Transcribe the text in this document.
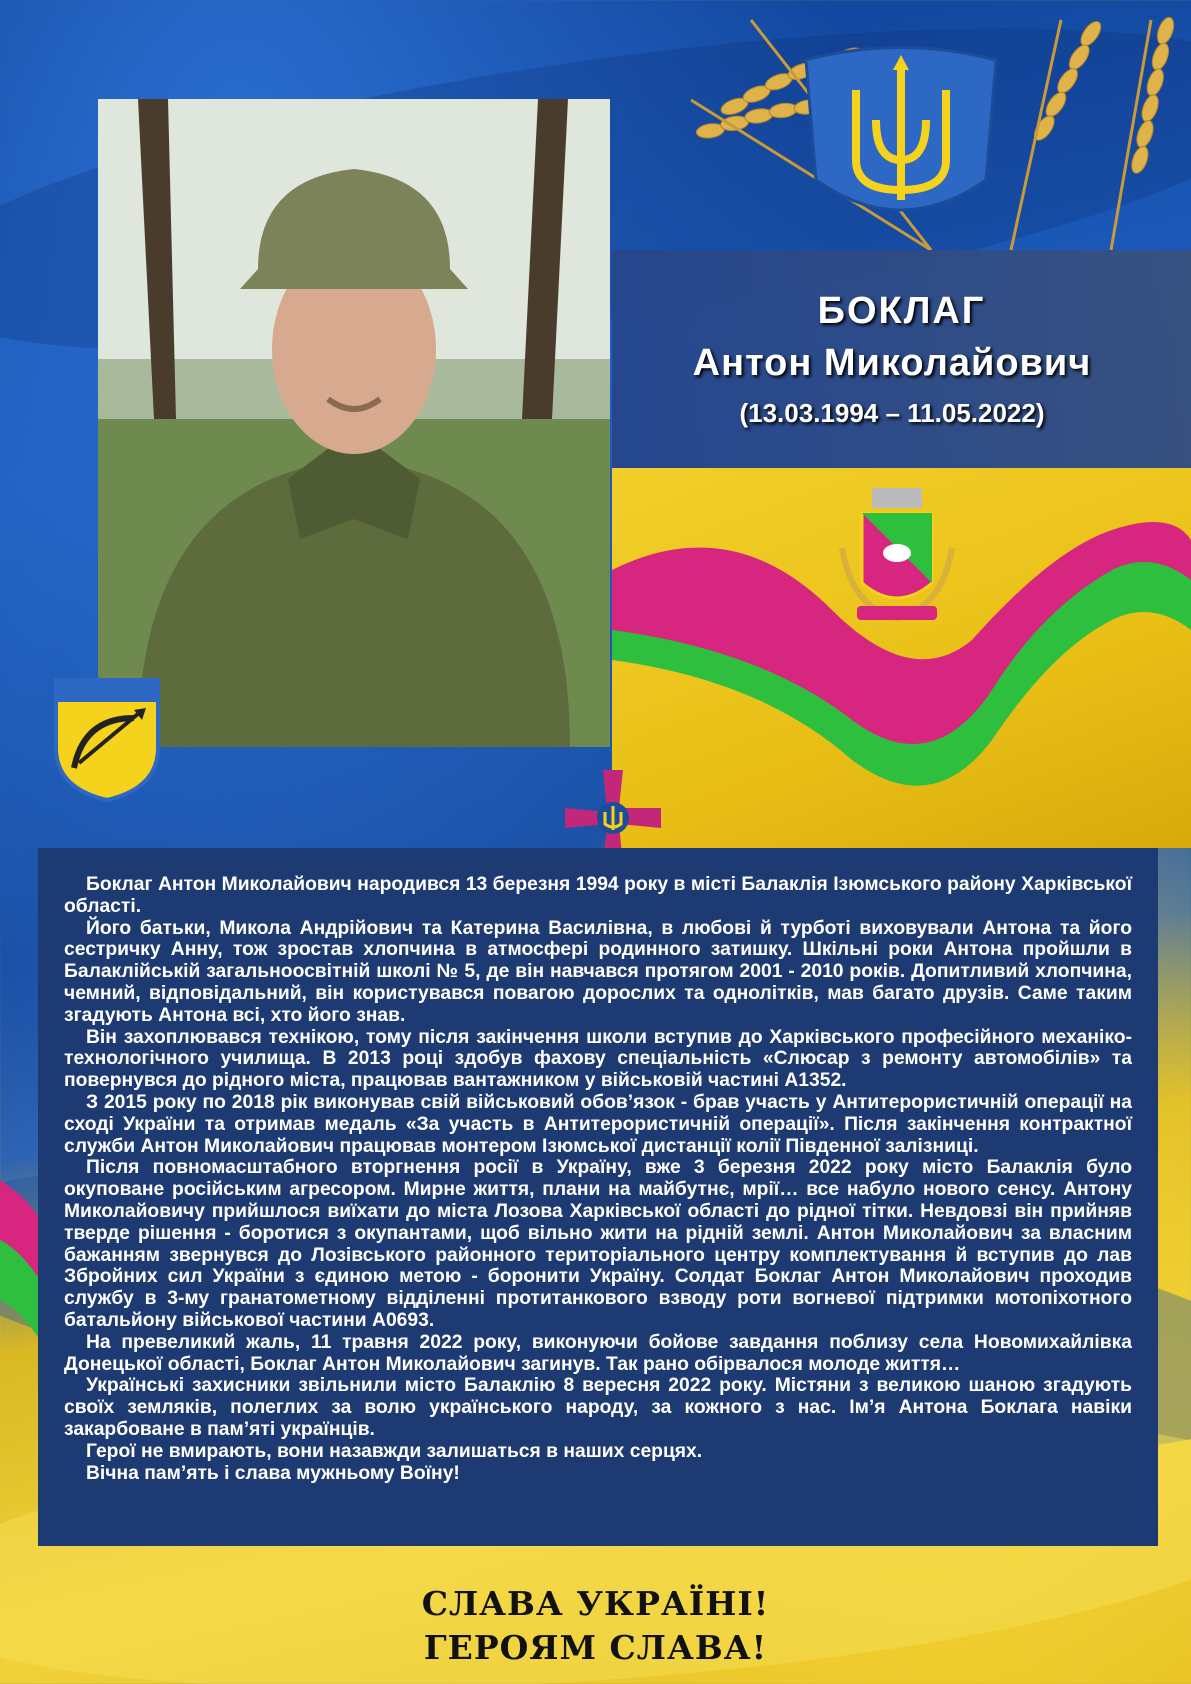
БОКЛАГ
Антон Миколайович
(13.03.1994 – 11.05.2022)

Боклаг Антон Миколайович народився 13 березня 1994 року в місті Балаклія Ізюмського району Харківської області.

Його батьки, Микола Андрійович та Катерина Василівна, в любові й турботі виховували Антона та його сестричку Анну, тож зростав хлопчина в атмосфері родинного затишку. Шкільні роки Антона пройшли в Балаклійській загальноосвітній школі № 5, де він навчався протягом 2001 - 2010 років. Допитливий хлопчина, чемний, відповідальний, він користувався повагою дорослих та однолітків, мав багато друзів. Саме таким згадують Антона всі, хто його знав.

Він захоплювався технікою, тому після закінчення школи вступив до Харківського професійного механіко-технологічного училища. В 2013 році здобув фахову спеціальність «Слюсар з ремонту автомобілів» та повернувся до рідного міста, працював вантажником у військовій частині А1352.

З 2015 року по 2018 рік виконував свій військовий обов’язок - брав участь у Антитерористичній операції на сході України та отримав медаль «За участь в Антитерористичній операції». Після закінчення контрактної служби Антон Миколайович працював монтером Ізюмської дистанції колії Південної залізниці.

Після повномасштабного вторгнення росії в Україну, вже 3 березня 2022 року місто Балаклія було окуповане російським агресором. Мирне життя, плани на майбутнє, мрії… все набуло нового сенсу. Антону Миколайовичу прийшлося виїхати до міста Лозова Харківської області до рідної тітки. Невдовзі він прийняв тверде рішення - боротися з окупантами, щоб вільно жити на рідній землі. Антон Миколайович за власним бажанням звернувся до Лозівського районного територіального центру комплектування й вступив до лав Збройних сил України з єдиною метою - боронити Україну. Солдат Боклаг Антон Миколайович проходив службу в 3-му гранатометному відділенні протитанкового взводу роти вогневої підтримки мотопіхотного батальйону військової частини А0693.

На превеликий жаль, 11 травня 2022 року, виконуючи бойове завдання поблизу села Новомихайлівка Донецької області, Боклаг Антон Миколайович загинув. Так рано обірвалося молоде життя…

Українські захисники звільнили місто Балаклію 8 вересня 2022 року. Містяни з великою шаною згадують своїх земляків, полеглих за волю українського народу, за кожного з нас. Ім’я Антона Боклага навіки закарбоване в пам’яті українців.

Герої не вмирають, вони назавжди залишаться в наших серцях.

Вічна пам’ять і слава мужньому Воїну!

СЛАВА УКРАЇНІ!
ГЕРОЯМ СЛАВА!
